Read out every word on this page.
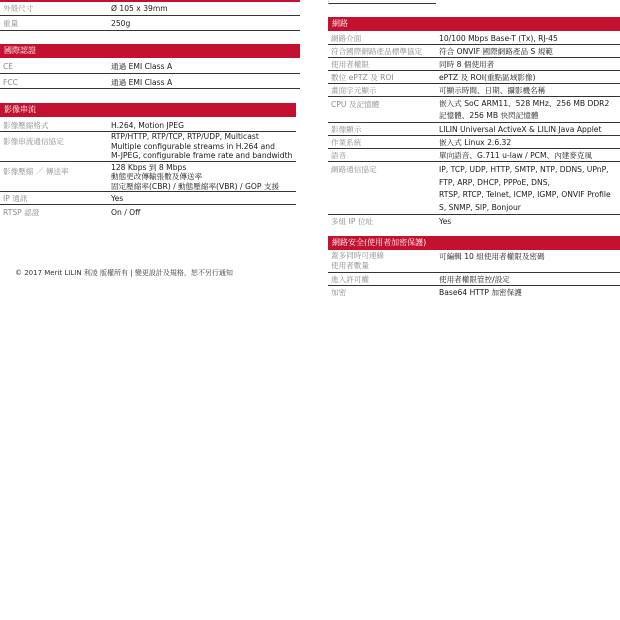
外殼尺寸	Ø 105 x 39mm

重量	250g
國際認證
CE	通過 EMI Class A

FCC	通過 EMI Class A
影像串流
影像壓縮格式	H.264, Motion JPEG

影像串流通信協定	RTP/HTTP, RTP/TCP, RTP/UDP, Multicast
Multiple configurable streams in H.264 and
M-JPEG, configurable frame rate and bandwidth

影像壓縮 ／ 傳送率	128 Kbps 到 8 Mbps
動態更改傳輸張數及傳送率
固定壓縮率(CBR) / 動態壓縮率(VBR) / GOP 支援

IP 通訊	Yes

RTSP 認證	On / Off
© 2017 Merit LILIN 利凌 版權所有 | 變更設計及規格，恕不另行通知
網路
網路介面	10/100 Mbps Base-T (Tx), RJ-45

符合國際網路產品標準協定	符合 ONVIF 國際網路產品 S 規範

使用者權限	同時 8 個使用者

數位 ePTZ 及 ROI	ePTZ 及 ROI(重點區域影像)

畫面字元顯示	可顯示時間、日期、攝影機名稱

CPU 及記憶體	嵌入式 SoC ARM11、528 MHz、256 MB DDR2
記憶體、256 MB 快閃記憶體

影像顯示	LILIN Universal ActiveX & LILIN Java Applet

作業系統	嵌入式 Linux 2.6.32

語音	單向語音、G.711 u-law / PCM、內建麥克風

網路通信協定	IP, TCP, UDP, HTTP, SMTP, NTP, DDNS, UPnP,
FTP, ARP, DHCP, PPPoE, DNS,
RTSP, RTCP, Telnet, ICMP, IGMP, ONVIF Profile
S, SNMP, SIP, Bonjour

多組 IP 位址	Yes
網路安全(使用者加密保護)
蓋多同時可連線
使用者數量	可編輯 10 組使用者權限及密碼

進入許可權	使用者權限管控/設定

加密	Base64 HTTP 加密保護
